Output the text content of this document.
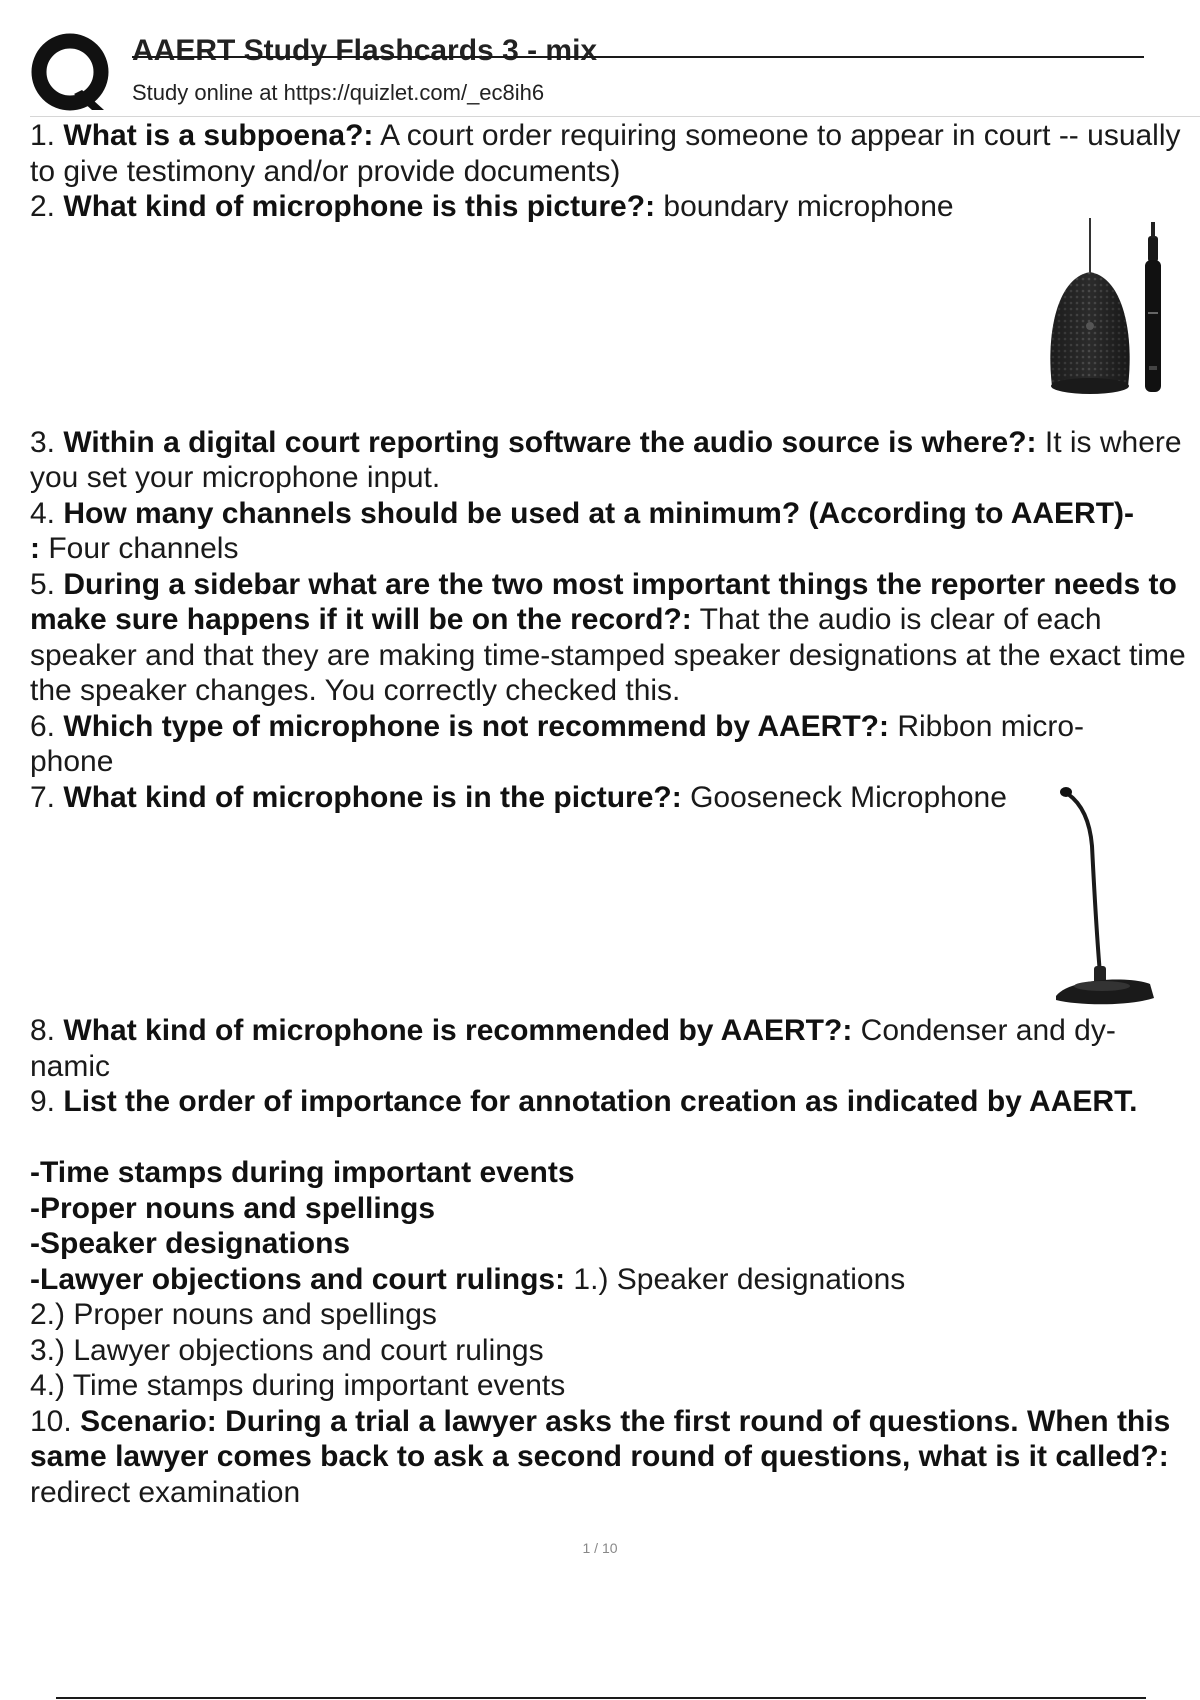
AAERT Study Flashcards 3 - mix
Study online at https://quizlet.com/_ec8ih6
1. What is a subpoena?: A court order requiring someone to appear in court -- usually to give testimony and/or provide documents)
2. What kind of microphone is this picture?: boundary microphone
3. Within a digital court reporting software the audio source is where?: It is where you set your microphone input.
4. How many channels should be used at a minimum? (According to AAERT)-
: Four channels
5. During a sidebar what are the two most important things the reporter needs to make sure happens if it will be on the record?: That the audio is clear of each speaker and that they are making time-stamped speaker designations at the exact time the speaker changes. You correctly checked this.
6. Which type of microphone is not recommend by AAERT?: Ribbon micro-
phone
7. What kind of microphone is in the picture?: Gooseneck Microphone
8. What kind of microphone is recommended by AAERT?: Condenser and dy-
namic
9. List the order of importance for annotation creation as indicated by AAERT.
-Time stamps during important events
-Proper nouns and spellings
-Speaker designations
-Lawyer objections and court rulings: 1.) Speaker designations
2.) Proper nouns and spellings
3.) Lawyer objections and court rulings
4.) Time stamps during important events
10. Scenario: During a trial a lawyer asks the first round of questions. When this same lawyer comes back to ask a second round of questions, what is it called?: redirect examination
1 / 10
